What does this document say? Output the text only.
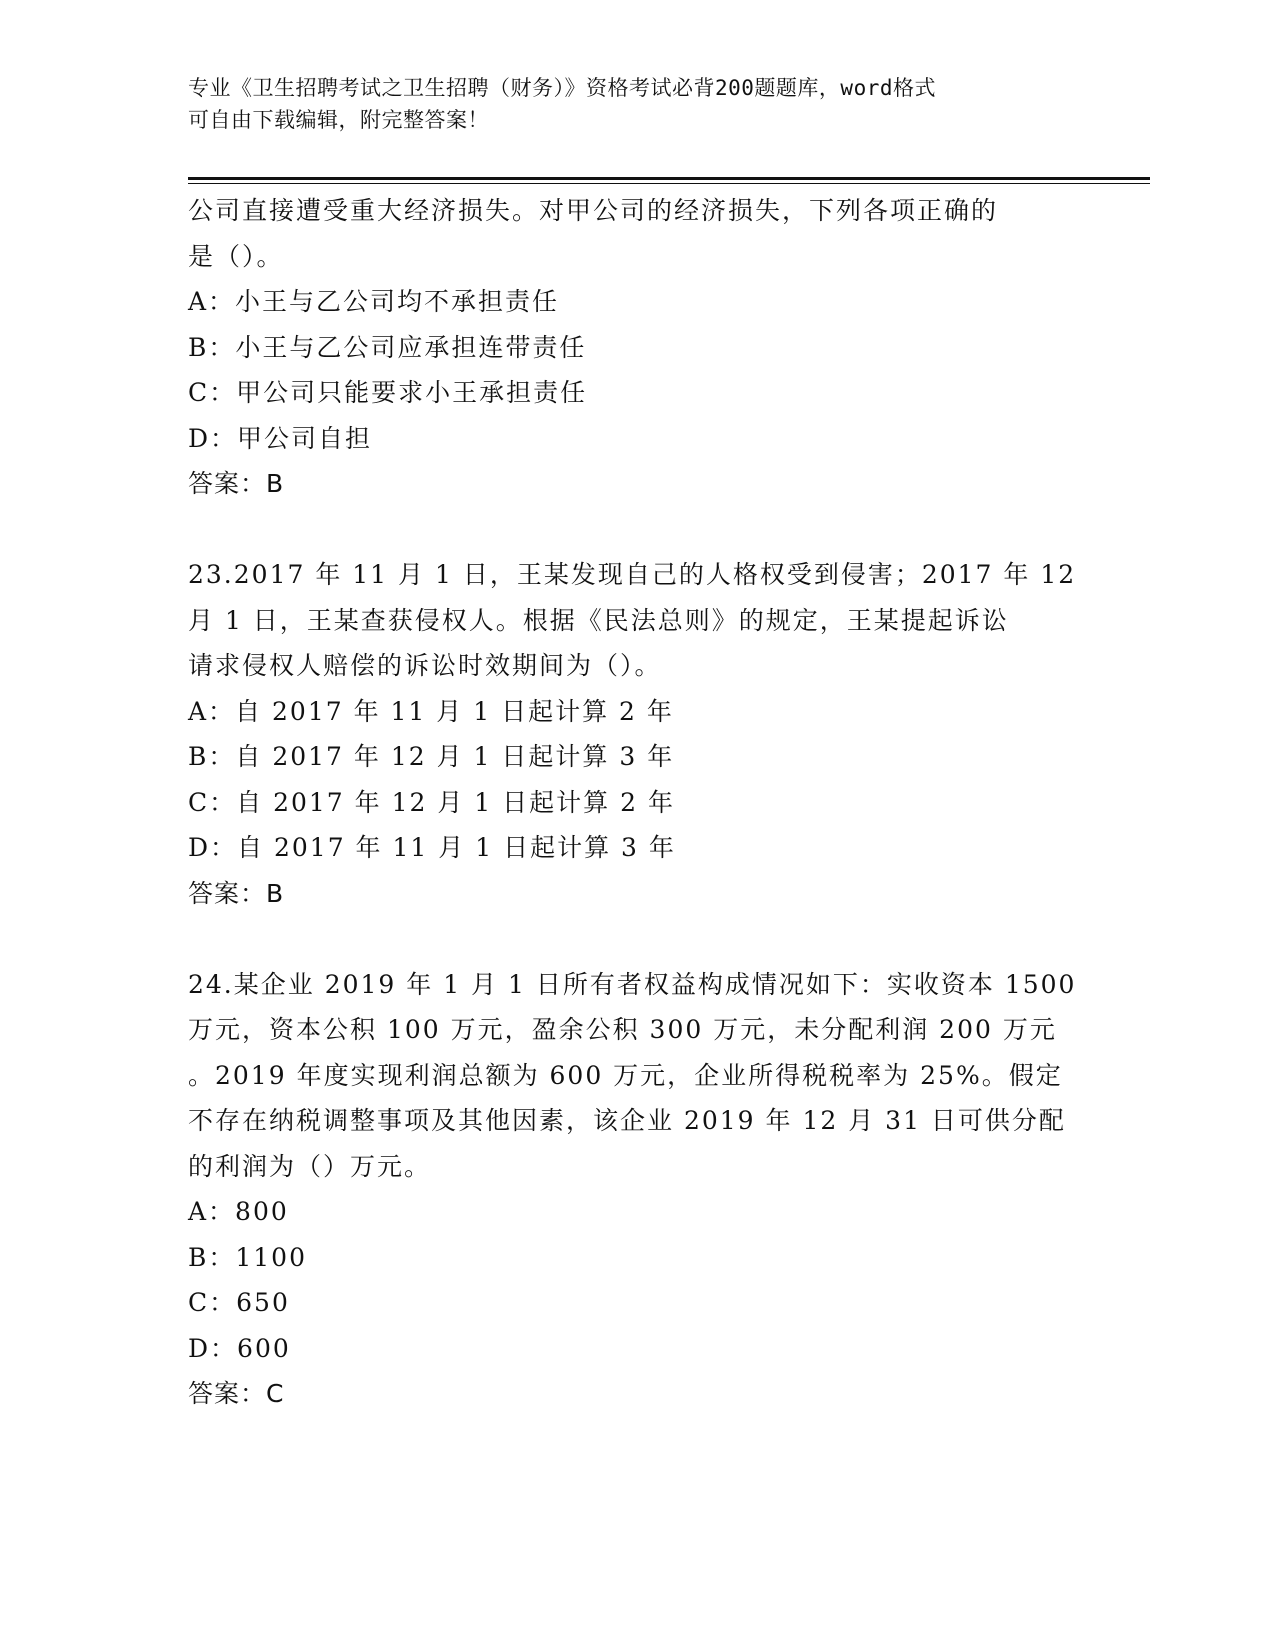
专业《卫生招聘考试之卫生招聘（财务）》资格考试必背200题题库，word格式
可自由下载编辑，附完整答案！
公司直接遭受重大经济损失。对甲公司的经济损失，下列各项正确的
是（）。
A：小王与乙公司均不承担责任
B：小王与乙公司应承担连带责任
C：甲公司只能要求小王承担责任
D：甲公司自担
答案：B
23.2017 年 11 月 1 日，王某发现自己的人格权受到侵害；2017 年 12
月 1 日，王某查获侵权人。根据《民法总则》的规定，王某提起诉讼
请求侵权人赔偿的诉讼时效期间为（）。
A：自 2017 年 11 月 1 日起计算 2 年
B：自 2017 年 12 月 1 日起计算 3 年
C：自 2017 年 12 月 1 日起计算 2 年
D：自 2017 年 11 月 1 日起计算 3 年
答案：B
24.某企业 2019 年 1 月 1 日所有者权益构成情况如下：实收资本 1500
万元，资本公积 100 万元，盈余公积 300 万元，未分配利润 200 万元
。2019 年度实现利润总额为 600 万元，企业所得税税率为 25%。假定
不存在纳税调整事项及其他因素，该企业 2019 年 12 月 31 日可供分配
的利润为（）万元。
A：800
B：1100
C：650
D：600
答案：C
